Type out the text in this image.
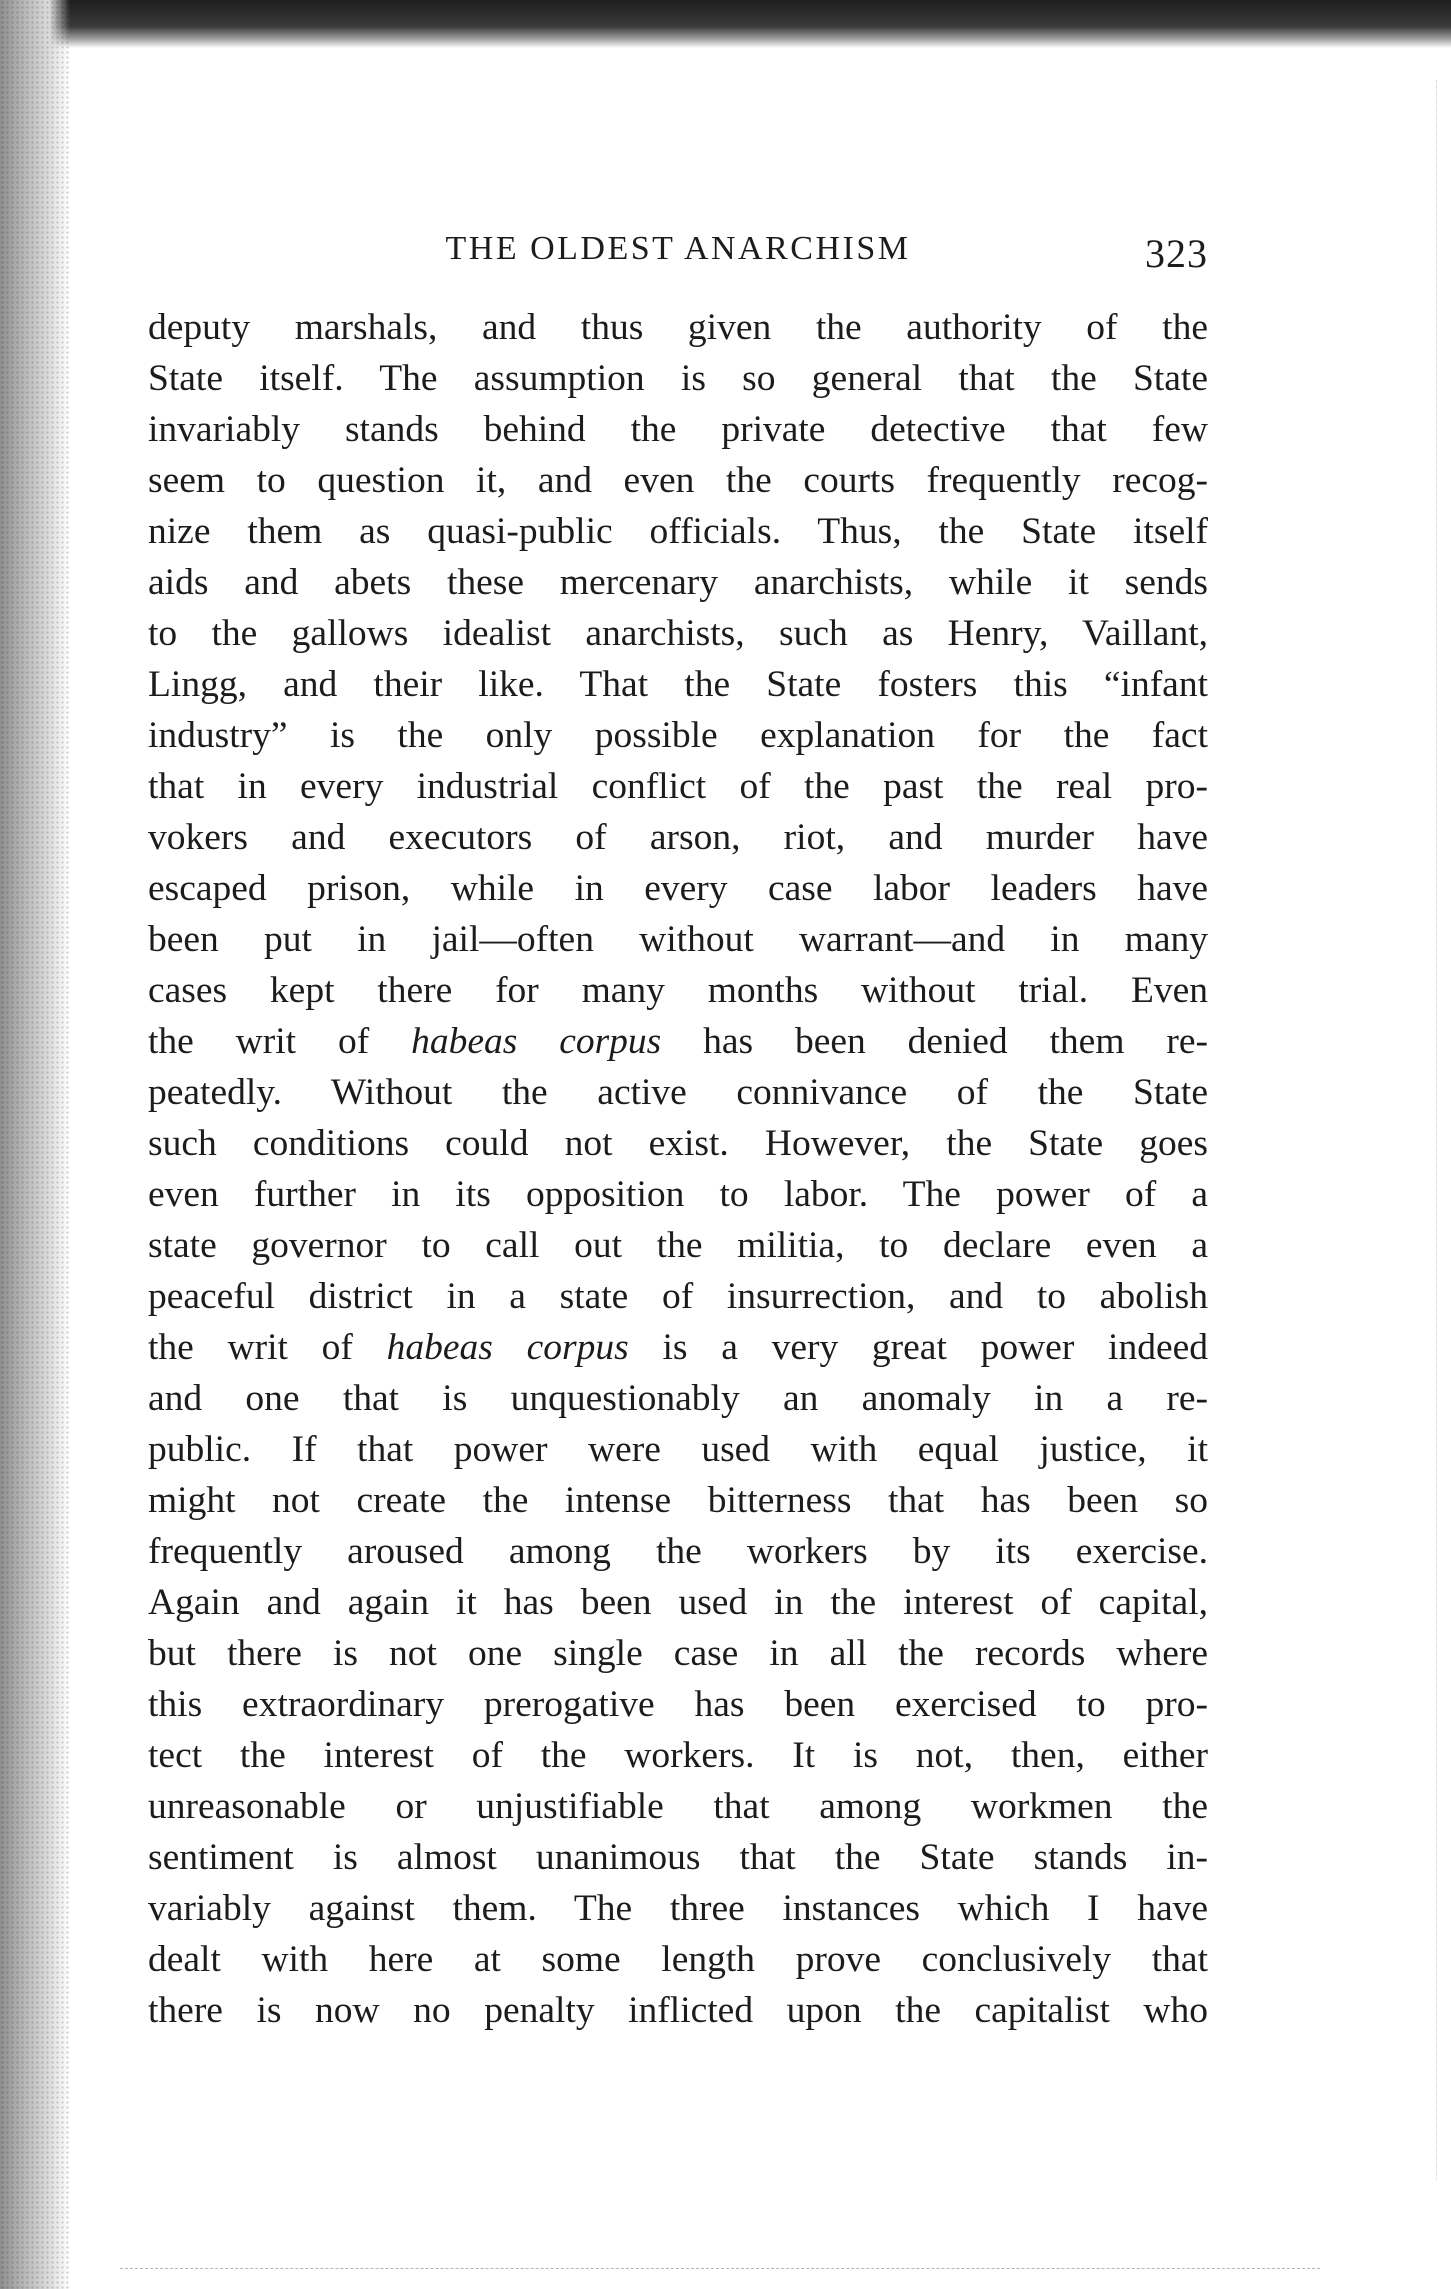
THE OLDEST ANARCHISM	323
deputy marshals, and thus given the authority of the
State itself. The assumption is so general that the State
invariably stands behind the private detective that few
seem to question it, and even the courts frequently recog-
nize them as quasi-public officials. Thus, the State itself
aids and abets these mercenary anarchists, while it sends
to the gallows idealist anarchists, such as Henry, Vaillant,
Lingg, and their like. That the State fosters this “infant
industry” is the only possible explanation for the fact
that in every industrial conflict of the past the real pro-
vokers and executors of arson, riot, and murder have
escaped prison, while in every case labor leaders have
been put in jail—often without warrant—and in many
cases kept there for many months without trial. Even
the writ of habeas corpus has been denied them re-
peatedly. Without the active connivance of the State
such conditions could not exist. However, the State goes
even further in its opposition to labor. The power of a
state governor to call out the militia, to declare even a
peaceful district in a state of insurrection, and to abolish
the writ of habeas corpus is a very great power indeed
and one that is unquestionably an anomaly in a re-
public. If that power were used with equal justice, it
might not create the intense bitterness that has been so
frequently aroused among the workers by its exercise.
Again and again it has been used in the interest of capital,
but there is not one single case in all the records where
this extraordinary prerogative has been exercised to pro-
tect the interest of the workers. It is not, then, either
unreasonable or unjustifiable that among workmen the
sentiment is almost unanimous that the State stands in-
variably against them. The three instances which I have
dealt with here at some length prove conclusively that
there is now no penalty inflicted upon the capitalist who
